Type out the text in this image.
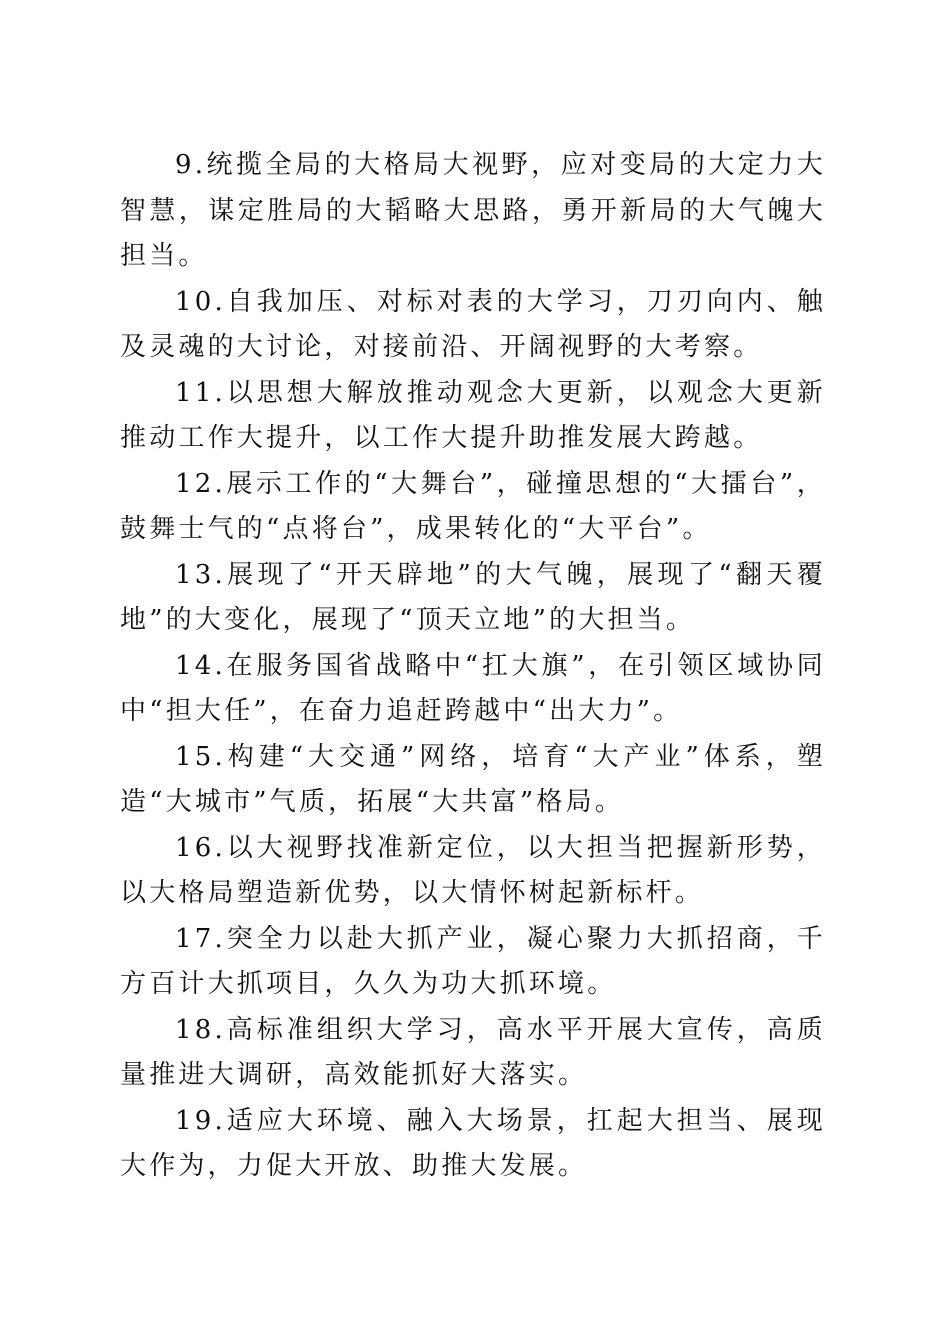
9.统揽全局的大格局大视野，应对变局的大定力大智慧，谋定胜局的大韬略大思路，勇开新局的大气魄大担当。

10.自我加压、对标对表的大学习，刀刃向内、触及灵魂的大讨论，对接前沿、开阔视野的大考察。

11.以思想大解放推动观念大更新，以观念大更新推动工作大提升，以工作大提升助推发展大跨越。

12.展示工作的“大舞台”，碰撞思想的“大擂台”，鼓舞士气的“点将台”，成果转化的“大平台”。

13.展现了“开天辟地”的大气魄，展现了“翻天覆地”的大变化，展现了“顶天立地”的大担当。

14.在服务国省战略中“扛大旗”，在引领区域协同中“担大任”，在奋力追赶跨越中“出大力”。

15.构建“大交通”网络，培育“大产业”体系，塑造“大城市”气质，拓展“大共富”格局。

16.以大视野找准新定位，以大担当把握新形势，以大格局塑造新优势，以大情怀树起新标杆。

17.突全力以赴大抓产业，凝心聚力大抓招商，千方百计大抓项目，久久为功大抓环境。

18.高标准组织大学习，高水平开展大宣传，高质量推进大调研，高效能抓好大落实。

19.适应大环境、融入大场景，扛起大担当、展现大作为，力促大开放、助推大发展。
